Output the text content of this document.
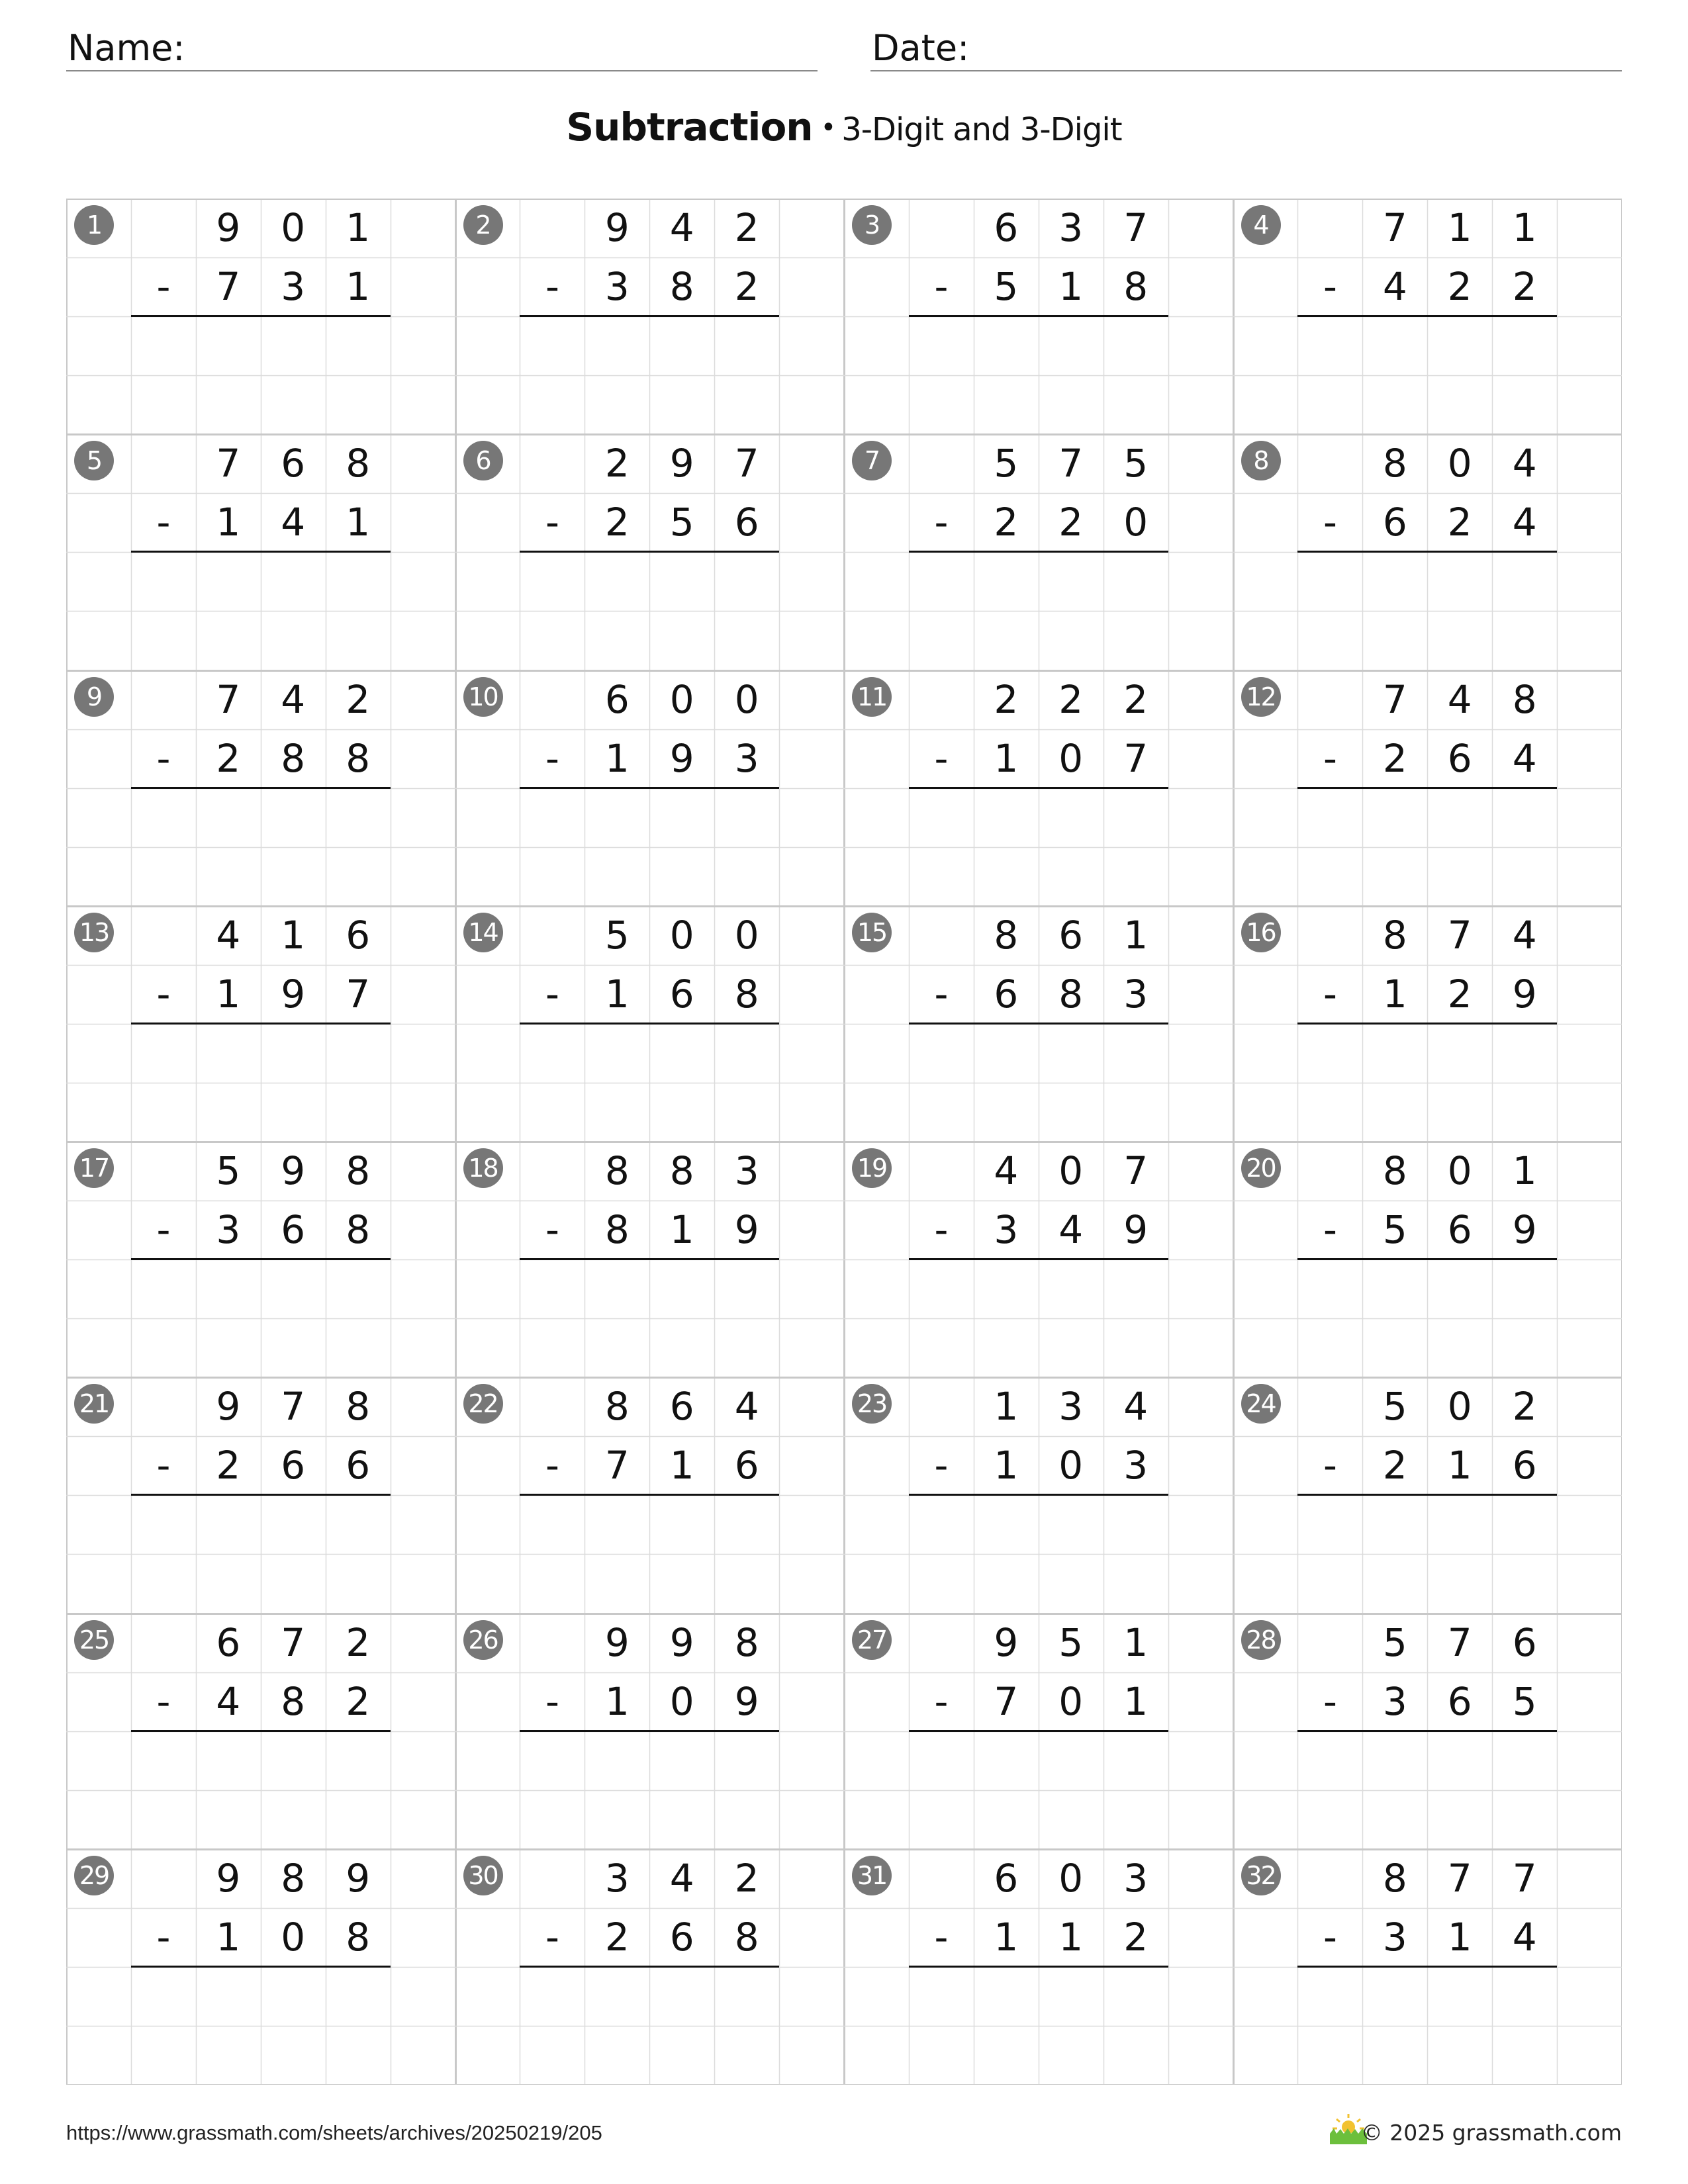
Name:	Date:
Subtraction • 3-Digit and 3-Digit
1	9	0	1
-	7	3	1
2	9	4	2
-	3	8	2
3	6	3	7
-	5	1	8
4	7	1	1
-	4	2	2
5	7	6	8
-	1	4	1
6	2	9	7
-	2	5	6
7	5	7	5
-	2	2	0
8	8	0	4
-	6	2	4
9	7	4	2
-	2	8	8
10	6	0	0
-	1	9	3
11	2	2	2
-	1	0	7
12	7	4	8
-	2	6	4
13	4	1	6
-	1	9	7
14	5	0	0
-	1	6	8
15	8	6	1
-	6	8	3
16	8	7	4
-	1	2	9
17	5	9	8
-	3	6	8
18	8	8	3
-	8	1	9
19	4	0	7
-	3	4	9
20	8	0	1
-	5	6	9
21	9	7	8
-	2	6	6
22	8	6	4
-	7	1	6
23	1	3	4
-	1	0	3
24	5	0	2
-	2	1	6
25	6	7	2
-	4	8	2
26	9	9	8
-	1	0	9
27	9	5	1
-	7	0	1
28	5	7	6
-	3	6	5
29	9	8	9
-	1	0	8
30	3	4	2
-	2	6	8
31	6	0	3
-	1	1	2
32	8	7	7
-	3	1	4
https://www.grassmath.com/sheets/archives/20250219/205	© 2025 grassmath.com
